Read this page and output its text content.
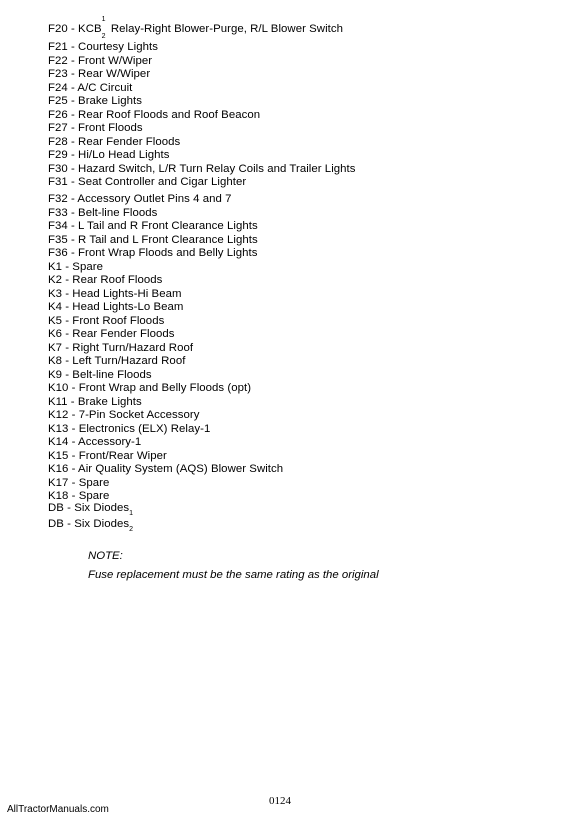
F20 - KCB
1
2
Relay-Right Blower-Purge, R/L Blower Switch
F21 - Courtesy Lights
F22 - Front W/Wiper
F23 - Rear W/Wiper
F24 - A/C Circuit
F25 - Brake Lights
F26 - Rear Roof Floods and Roof Beacon
F27 - Front Floods
F28 - Rear Fender Floods
F29 - Hi/Lo Head Lights
F30 - Hazard Switch, L/R Turn Relay Coils and Trailer Lights
F31 - Seat Controller and Cigar Lighter
F32 - Accessory Outlet Pins 4 and 7
F33 - Belt-line Floods
F34 - L Tail and R Front Clearance Lights
F35 - R Tail and L Front Clearance Lights
F36 - Front Wrap Floods and Belly Lights
K1 - Spare
K2 - Rear Roof Floods
K3 - Head Lights-Hi Beam
K4 - Head Lights-Lo Beam
K5 - Front Roof Floods
K6 - Rear Fender Floods
K7 - Right Turn/Hazard Roof
K8 - Left Turn/Hazard Roof
K9 - Belt-line Floods
K10 - Front Wrap and Belly Floods (opt)
K11 - Brake Lights
K12 - 7-Pin Socket Accessory
K13 - Electronics (ELX) Relay-1
K14 - Accessory-1
K15 - Front/Rear Wiper
K16 - Air Quality System (AQS) Blower Switch
K17 - Spare
K18 - Spare
DB - Six Diodes$_1$
DB - Six Diodes$_2$
NOTE:
Fuse replacement must be the same rating as the original
0124
AllTractorManuals.com
